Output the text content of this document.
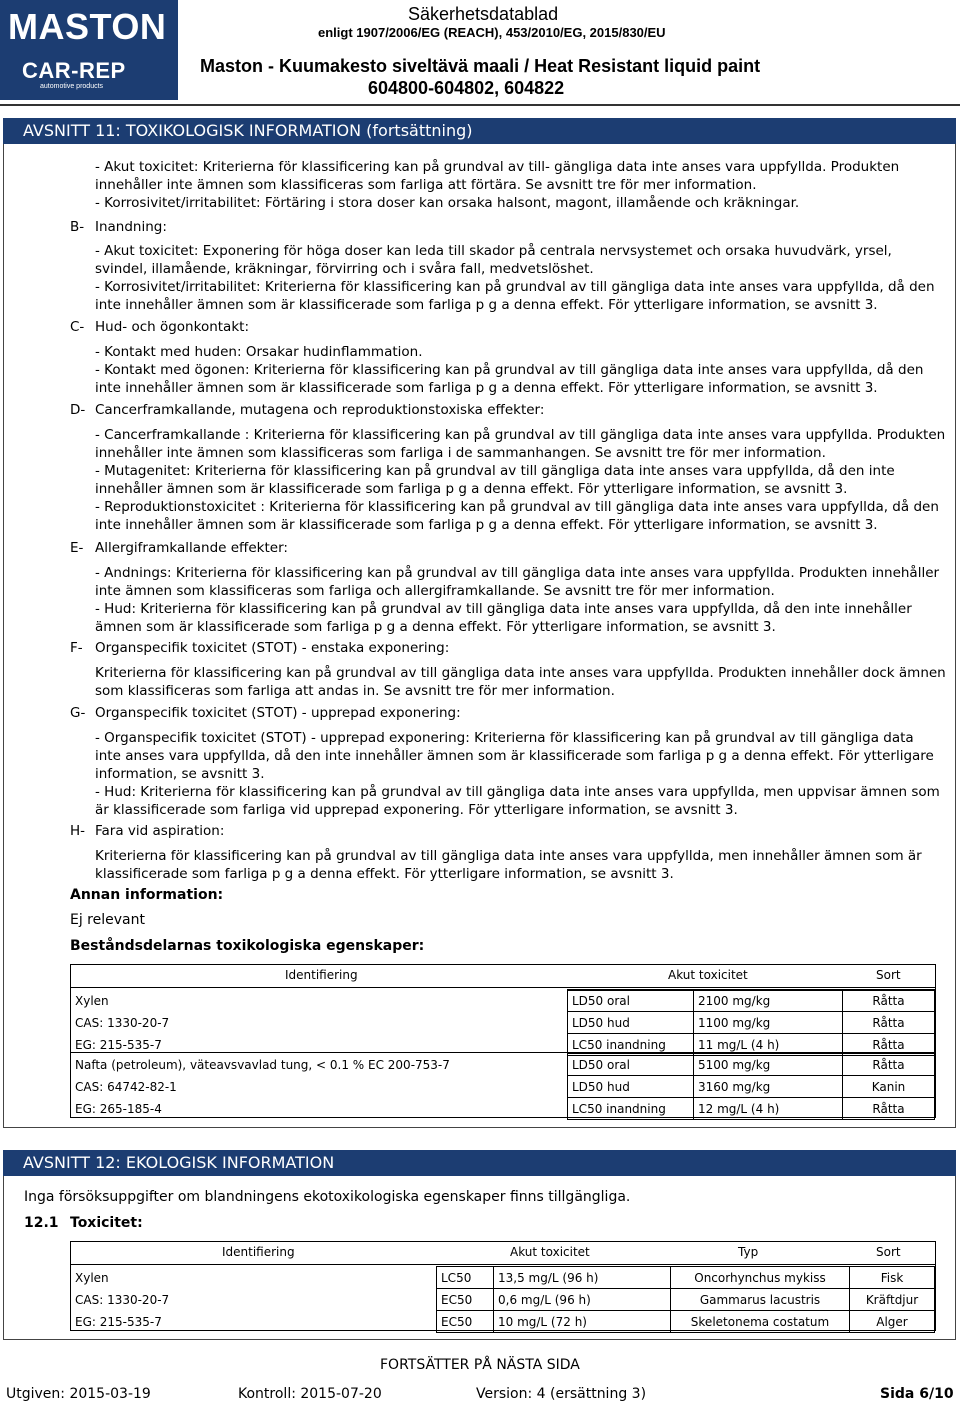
MASTON
CAR-REP
automotive products
Säkerhetsdatablad
enligt 1907/2006/EG (REACH), 453/2010/EG, 2015/830/EU
Maston - Kuumakesto siveltävä maali / Heat Resistant liquid paint
604800-604802, 604822
AVSNITT 11: TOXIKOLOGISK INFORMATION (fortsättning)
- Akut toxicitet: Kriterierna för klassificering kan på grundval av till- gängliga data inte anses vara uppfyllda. Produkten
innehåller inte ämnen som klassificeras som farliga att förtära. Se avsnitt tre för mer information.
- Korrosivitet/irritabilitet: Förtäring i stora doser kan orsaka halsont, magont, illamående och kräkningar.
B- Inandning:
- Akut toxicitet: Exponering för höga doser kan leda till skador på centrala nervsystemet och orsaka huvudvärk, yrsel,
svindel, illamående, kräkningar, förvirring och i svåra fall, medvetslöshet.
- Korrosivitet/irritabilitet: Kriterierna för klassificering kan på grundval av till gängliga data inte anses vara uppfyllda, då den
inte innehåller ämnen som är klassificerade som farliga p g a denna effekt. För ytterligare information, se avsnitt 3.
C- Hud- och ögonkontakt:
- Kontakt med huden: Orsakar hudinflammation.
- Kontakt med ögonen: Kriterierna för klassificering kan på grundval av till gängliga data inte anses vara uppfyllda, då den
inte innehåller ämnen som är klassificerade som farliga p g a denna effekt. För ytterligare information, se avsnitt 3.
D- Cancerframkallande, mutagena och reproduktionstoxiska effekter:
- Cancerframkallande : Kriterierna för klassificering kan på grundval av till gängliga data inte anses vara uppfyllda. Produkten
innehåller inte ämnen som klassificeras som farliga i de sammanhangen. Se avsnitt tre för mer information.
- Mutagenitet: Kriterierna för klassificering kan på grundval av till gängliga data inte anses vara uppfyllda, då den inte
innehåller ämnen som är klassificerade som farliga p g a denna effekt. För ytterligare information, se avsnitt 3.
- Reproduktionstoxicitet : Kriterierna för klassificering kan på grundval av till gängliga data inte anses vara uppfyllda, då den
inte innehåller ämnen som är klassificerade som farliga p g a denna effekt. För ytterligare information, se avsnitt 3.
E- Allergiframkallande effekter:
- Andnings: Kriterierna för klassificering kan på grundval av till gängliga data inte anses vara uppfyllda. Produkten innehåller
inte ämnen som klassificeras som farliga och allergiframkallande. Se avsnitt tre för mer information.
- Hud: Kriterierna för klassificering kan på grundval av till gängliga data inte anses vara uppfyllda, då den inte innehåller
ämnen som är klassificerade som farliga p g a denna effekt. För ytterligare information, se avsnitt 3.
F- Organspecifik toxicitet (STOT) - enstaka exponering:
Kriterierna för klassificering kan på grundval av till gängliga data inte anses vara uppfyllda. Produkten innehåller dock ämnen
som klassificeras som farliga att andas in. Se avsnitt tre för mer information.
G- Organspecifik toxicitet (STOT) - upprepad exponering:
- Organspecifik toxicitet (STOT) - upprepad exponering: Kriterierna för klassificering kan på grundval av till gängliga data
inte anses vara uppfyllda, då den inte innehåller ämnen som är klassificerade som farliga p g a denna effekt. För ytterligare
information, se avsnitt 3.
- Hud: Kriterierna för klassificering kan på grundval av till gängliga data inte anses vara uppfyllda, men uppvisar ämnen som
är klassificerade som farliga vid upprepad exponering. För ytterligare information, se avsnitt 3.
H- Fara vid aspiration:
Kriterierna för klassificering kan på grundval av till gängliga data inte anses vara uppfyllda, men innehåller ämnen som är
klassificerade som farliga p g a denna effekt. För ytterligare information, se avsnitt 3.
Annan information:
Ej relevant
Beståndsdelarnas toxikologiska egenskaper:
Identifiering	Akut toxicitet	Sort
Xylen	LD50 oral	2100 mg/kg	Råtta
CAS: 1330-20-7	LD50 hud	1100 mg/kg	Råtta
EG: 215-535-7	LC50 inandning	11 mg/L (4 h)	Råtta
Nafta (petroleum), väteavsvavlad tung, < 0.1 % EC 200-753-7	LD50 oral	5100 mg/kg	Råtta
CAS: 64742-82-1	LD50 hud	3160 mg/kg	Kanin
EG: 265-185-4	LC50 inandning	12 mg/L (4 h)	Råtta
AVSNITT 12: EKOLOGISK INFORMATION
Inga försöksuppgifter om blandningens ekotoxikologiska egenskaper finns tillgängliga.
12.1 Toxicitet:
Identifiering	Akut toxicitet	Typ	Sort
Xylen	LC50	13,5 mg/L (96 h)	Oncorhynchus mykiss	Fisk
CAS: 1330-20-7	EC50	0,6 mg/L (96 h)	Gammarus lacustris	Kräftdjur
EG: 215-535-7	EC50	10 mg/L (72 h)	Skeletonema costatum	Alger
FORTSÄTTER PÅ NÄSTA SIDA
Utgiven: 2015-03-19	Kontroll: 2015-07-20	Version: 4 (ersättning 3)	Sida 6/10
